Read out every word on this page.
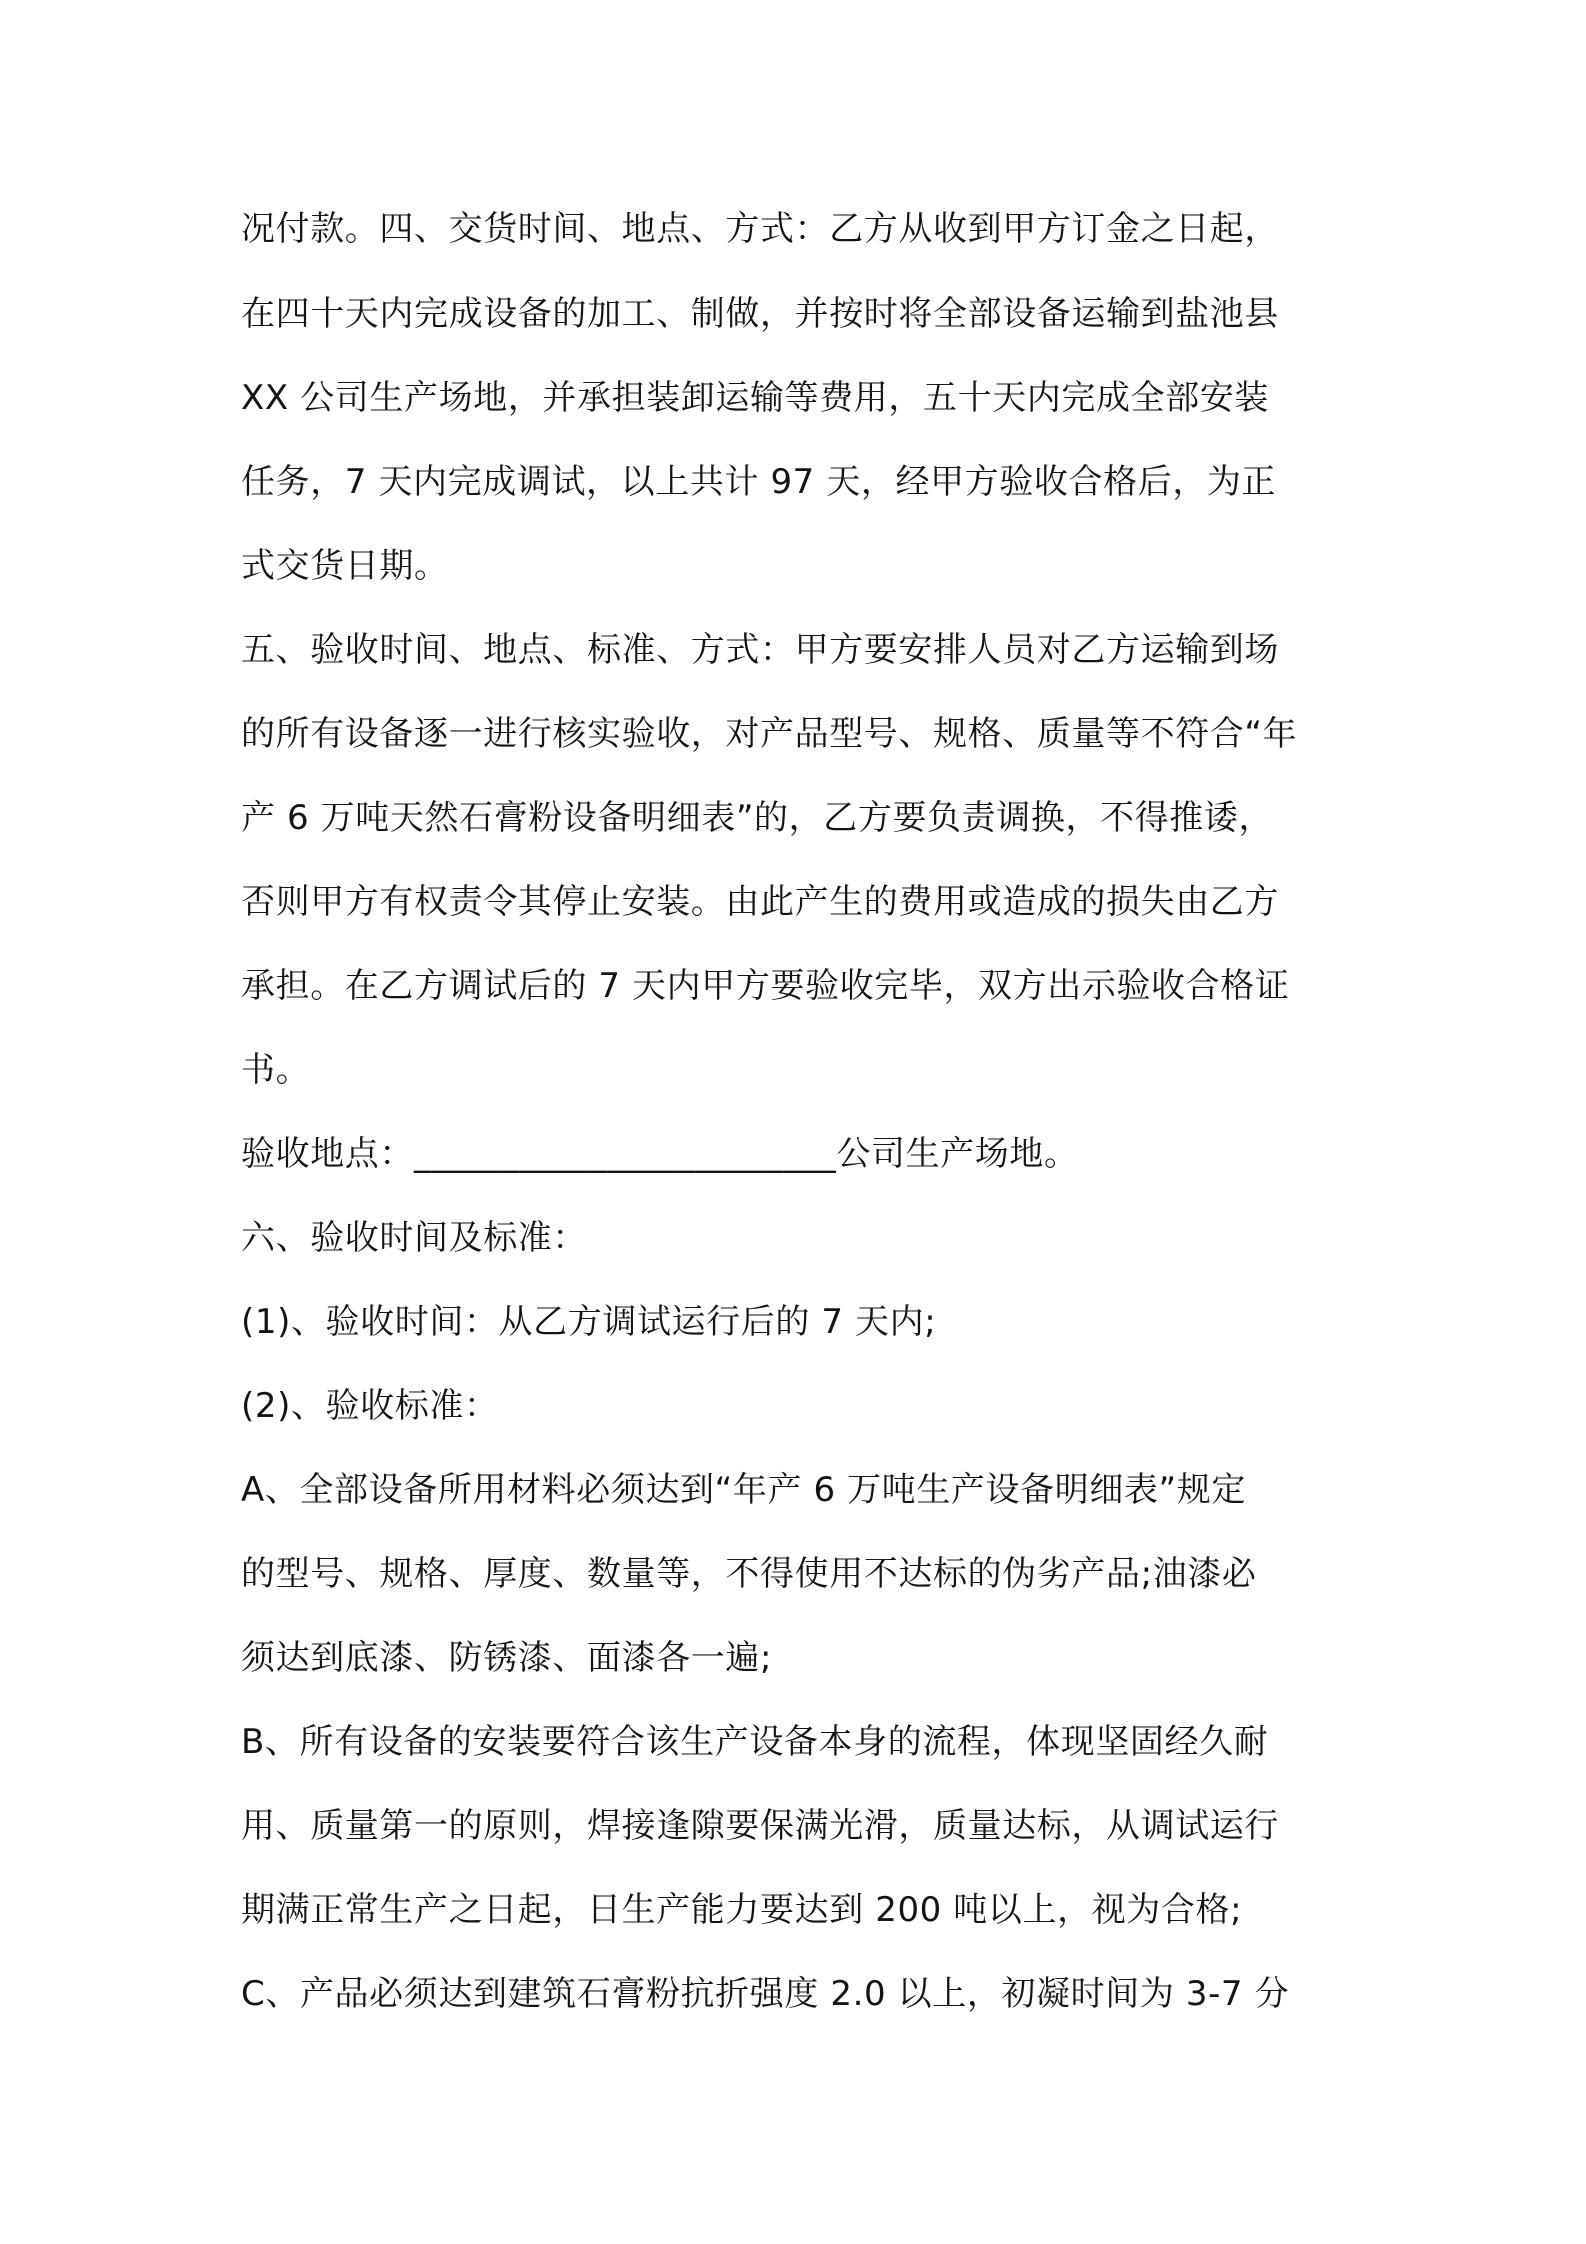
况付款。四、交货时间、地点、方式：乙方从收到甲方订金之日起，
在四十天内完成设备的加工、制做，并按时将全部设备运输到盐池县
XX 公司生产场地，并承担装卸运输等费用，五十天内完成全部安装
任务，7 天内完成调试，以上共计 97 天，经甲方验收合格后，为正
式交货日期。
五、验收时间、地点、标准、方式：甲方要安排人员对乙方运输到场
的所有设备逐一进行核实验收，对产品型号、规格、质量等不符合“年
产 6 万吨天然石膏粉设备明细表”的，乙方要负责调换，不得推诿，
否则甲方有权责令其停止安装。由此产生的费用或造成的损失由乙方
承担。在乙方调试后的 7 天内甲方要验收完毕，双方出示验收合格证
书。
验收地点：________________________公司生产场地。
六、验收时间及标准：
(1)、验收时间：从乙方调试运行后的 7 天内;
(2)、验收标准：
A、全部设备所用材料必须达到“年产 6 万吨生产设备明细表”规定
的型号、规格、厚度、数量等，不得使用不达标的伪劣产品;油漆必
须达到底漆、防锈漆、面漆各一遍;
B、所有设备的安装要符合该生产设备本身的流程，体现坚固经久耐
用、质量第一的原则，焊接逢隙要保满光滑，质量达标，从调试运行
期满正常生产之日起，日生产能力要达到 200 吨以上，视为合格;
C、产品必须达到建筑石膏粉抗折强度 2.0 以上，初凝时间为 3-7 分
